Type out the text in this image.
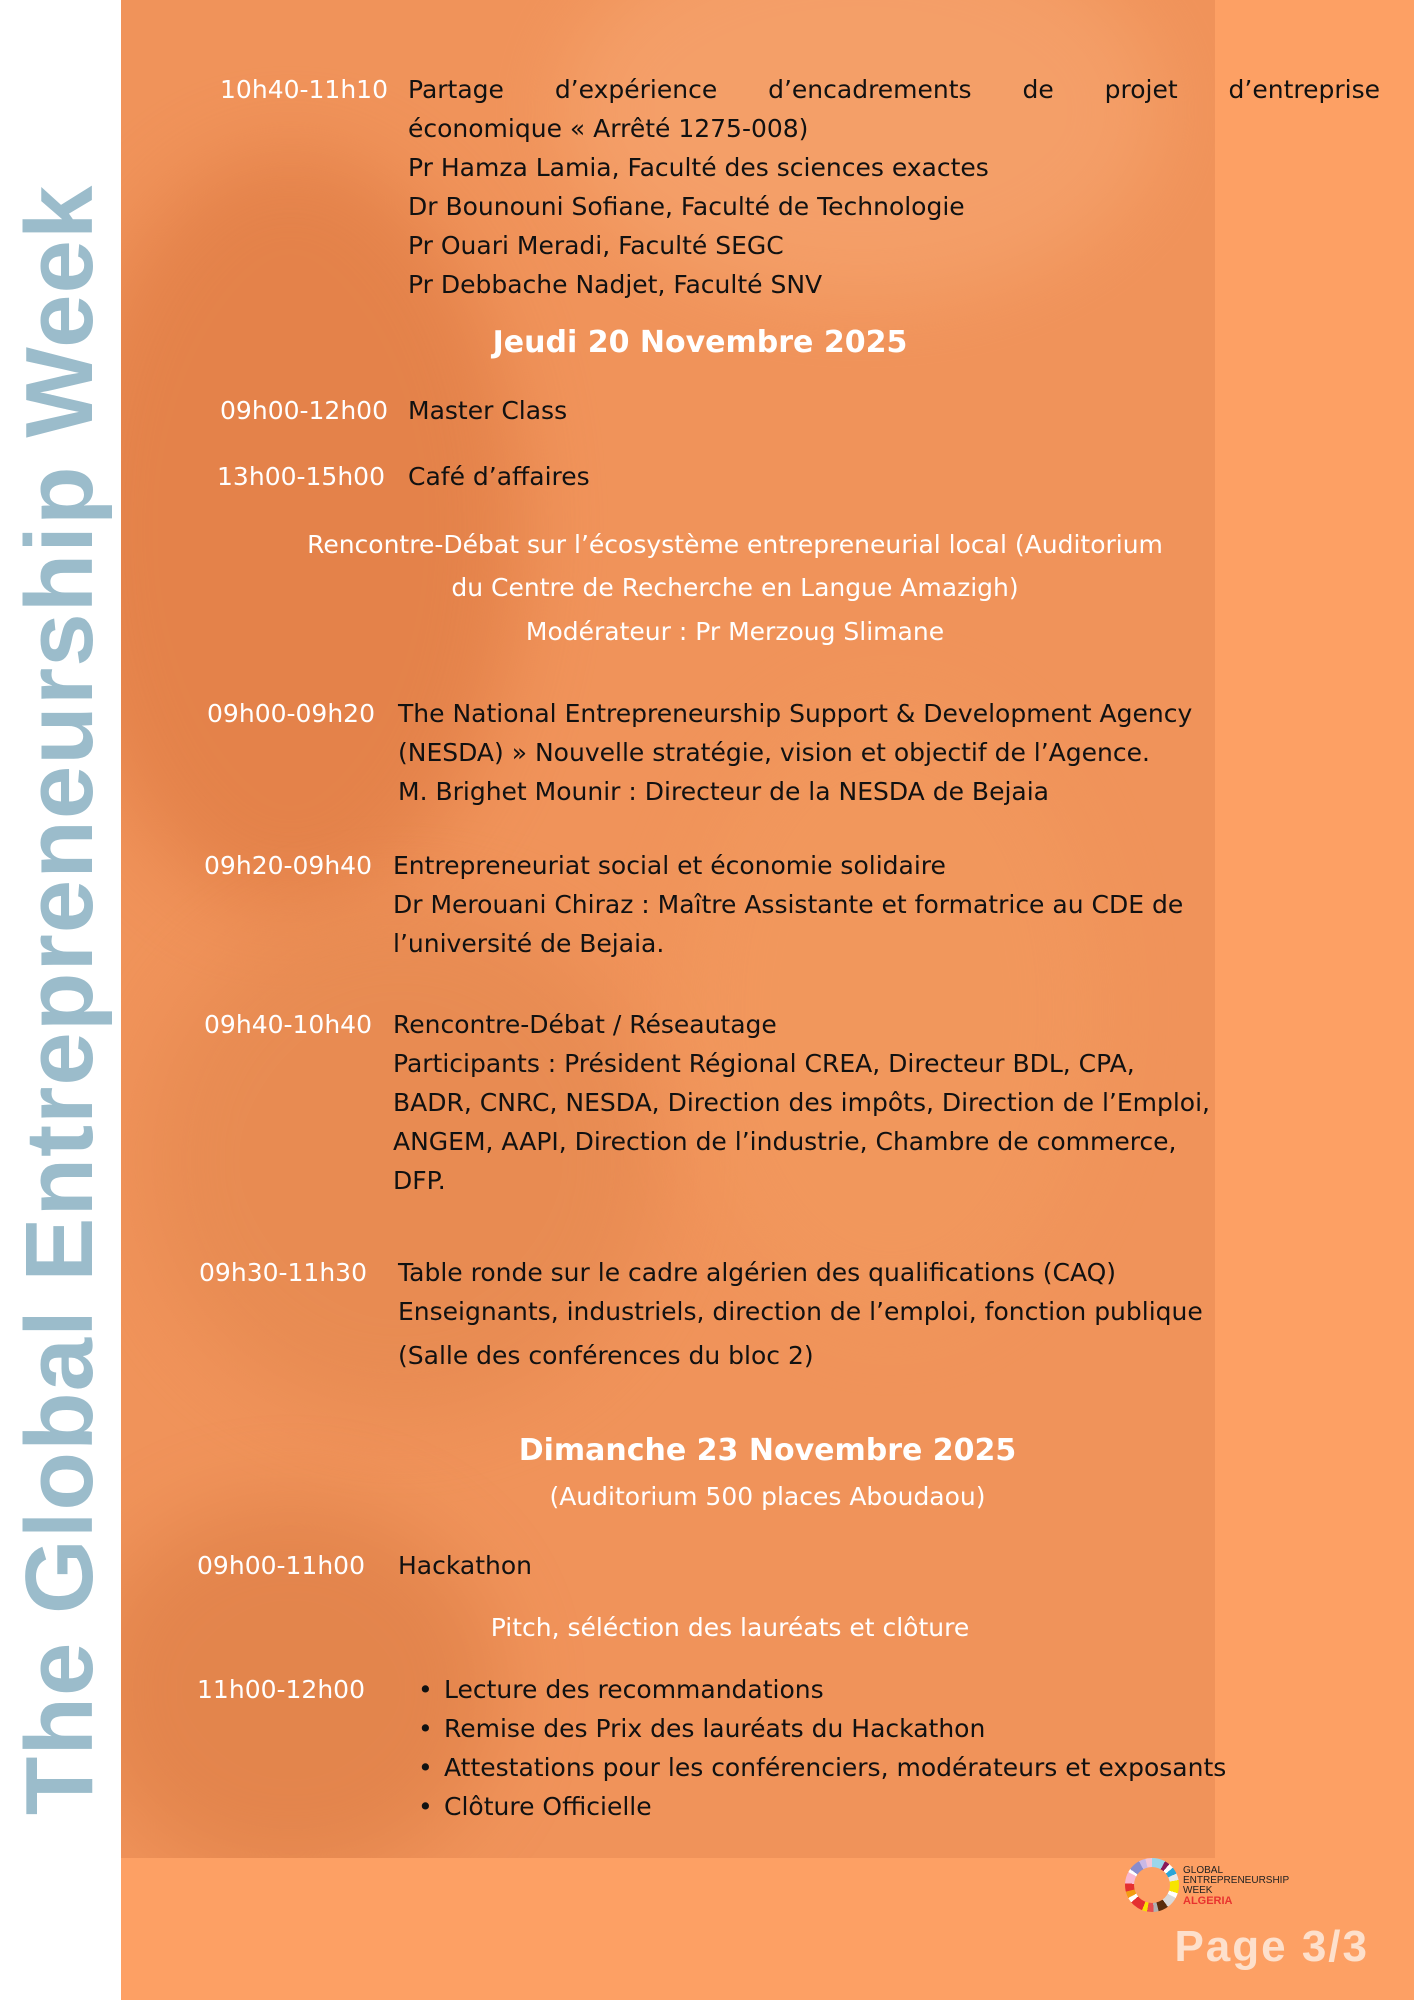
The Global Entrepreneurship Week
10h40-11h10 Partage d’expérience d’encadrements de projet d’entreprise
économique « Arrêté 1275-008)
Pr Hamza Lamia, Faculté des sciences exactes
Dr Bounouni Sofiane, Faculté de Technologie
Pr Ouari Meradi, Faculté SEGC
Pr Debbache Nadjet, Faculté SNV
Jeudi 20 Novembre 2025
09h00-12h00 Master Class
13h00-15h00 Café d’affaires
Rencontre-Débat sur l’écosystème entrepreneurial local (Auditorium
du Centre de Recherche en Langue Amazigh)
Modérateur : Pr Merzoug Slimane
09h00-09h20 The National Entrepreneurship Support & Development Agency
(NESDA) » Nouvelle stratégie, vision et objectif de l’Agence.
M. Brighet Mounir : Directeur de la NESDA de Bejaia
09h20-09h40 Entrepreneuriat social et économie solidaire
Dr Merouani Chiraz : Maître Assistante et formatrice au CDE de
l’université de Bejaia.
09h40-10h40 Rencontre-Débat / Réseautage
Participants : Président Régional CREA, Directeur BDL, CPA,
BADR, CNRC, NESDA, Direction des impôts, Direction de l’Emploi,
ANGEM, AAPI, Direction de l’industrie, Chambre de commerce,
DFP.
09h30-11h30 Table ronde sur le cadre algérien des qualifications (CAQ)
Enseignants, industriels, direction de l’emploi, fonction publique
(Salle des conférences du bloc 2)
Dimanche 23 Novembre 2025
(Auditorium 500 places Aboudaou)
09h00-11h00 Hackathon
Pitch, séléction des lauréats et clôture
11h00-12h00	• Lecture des recommandations
• Remise des Prix des lauréats du Hackathon
• Attestations pour les conférenciers, modérateurs et exposants
• Clôture Officielle
GLOBAL
ENTREPRENEURSHIP
WEEK
ALGERIA
Page 3/3
